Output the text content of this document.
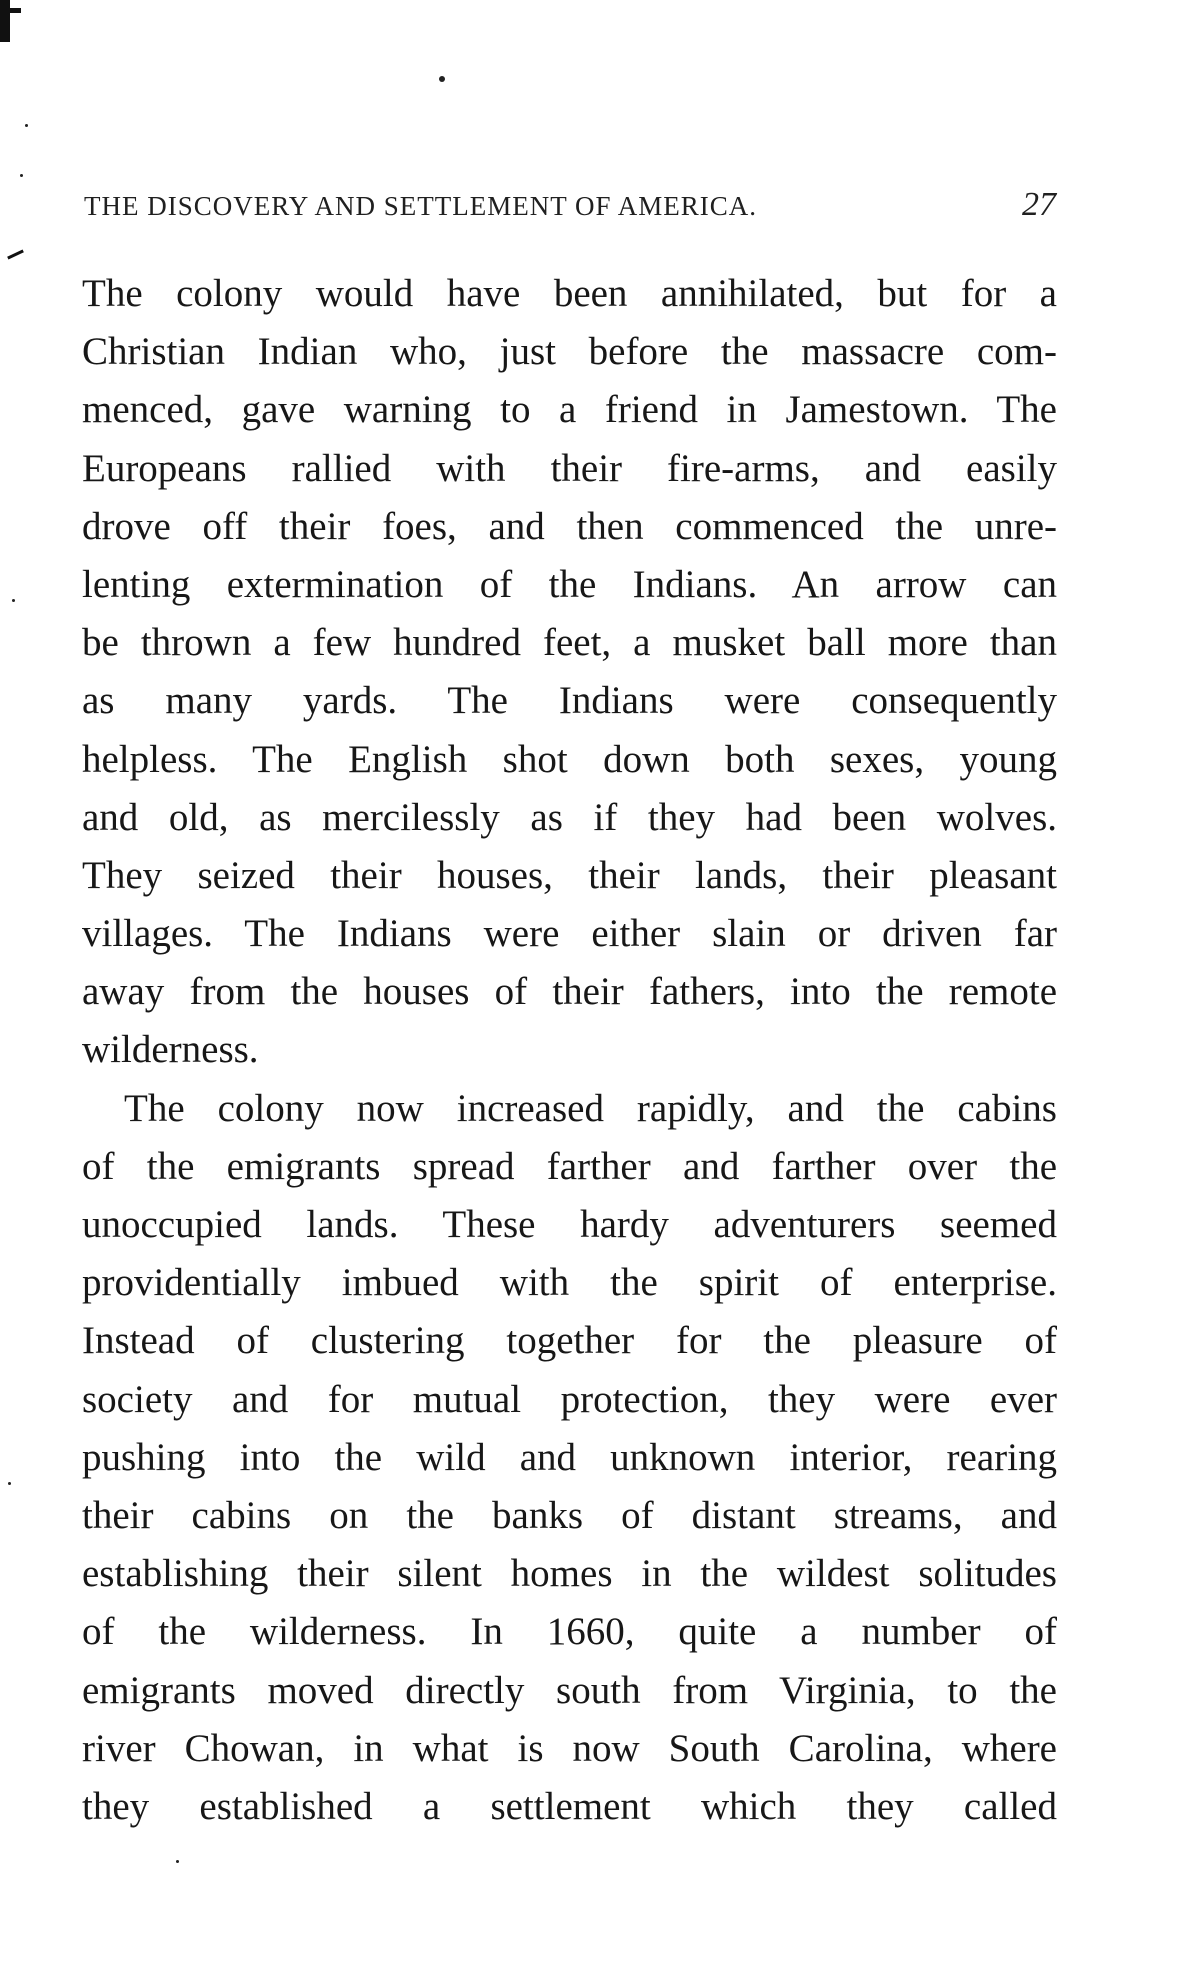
THE DISCOVERY AND SETTLEMENT OF AMERICA.	27

The colony would have been annihilated, but for a
Christian Indian who, just before the massacre com-
menced, gave warning to a friend in Jamestown. The
Europeans rallied with their fire-arms, and easily
drove off their foes, and then commenced the unre-
lenting extermination of the Indians. An arrow can
be thrown a few hundred feet, a musket ball more than
as many yards. The Indians were consequently
helpless. The English shot down both sexes, young
and old, as mercilessly as if they had been wolves.
They seized their houses, their lands, their pleasant
villages. The Indians were either slain or driven far
away from the houses of their fathers, into the remote
wilderness.

The colony now increased rapidly, and the cabins
of the emigrants spread farther and farther over the
unoccupied lands. These hardy adventurers seemed
providentially imbued with the spirit of enterprise.
Instead of clustering together for the pleasure of
society and for mutual protection, they were ever
pushing into the wild and unknown interior, rearing
their cabins on the banks of distant streams, and
establishing their silent homes in the wildest solitudes
of the wilderness. In 1660, quite a number of
emigrants moved directly south from Virginia, to the
river Chowan, in what is now South Carolina, where
they established a settlement which they called
